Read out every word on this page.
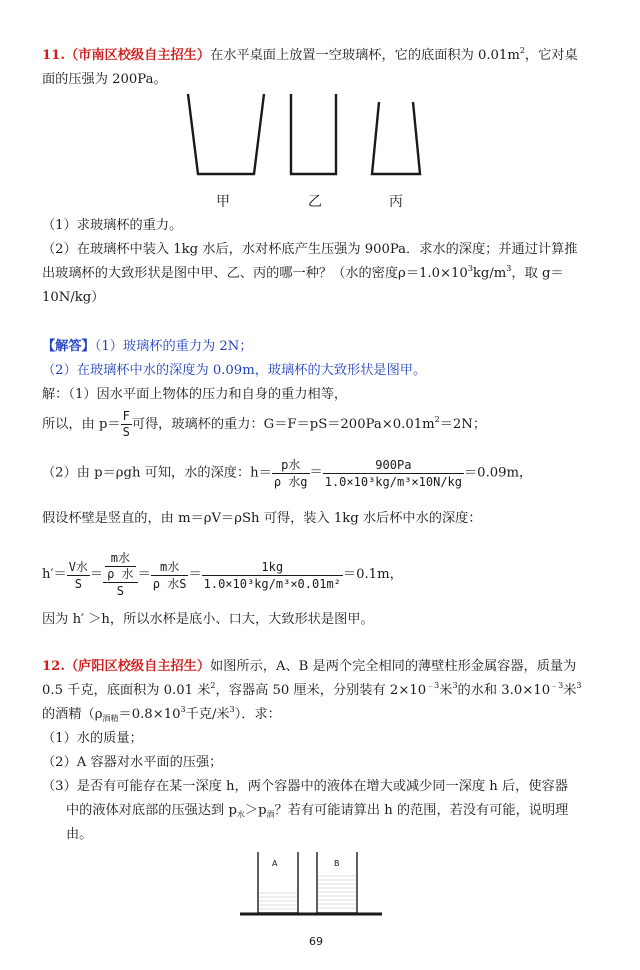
11.（市南区校级自主招生）在水平桌面上放置一空玻璃杯，它的底面积为 $0.01m^2$，它对桌
面的压强为 200Pa。
甲	乙	丙
（1）求玻璃杯的重力。
（2）在玻璃杯中装入 1kg 水后，水对杯底产生压强为 900Pa．求水的深度；并通过计算推
出玻璃杯的大致形状是图中甲、乙、丙的哪一种？（水的密度$\rho=1.0\times 10^3kg/m^3$，取 g＝
10N/kg）
【解答】（1）玻璃杯的重力为 2N；
（2）在玻璃杯中水的深度为 0.09m，玻璃杯的大致形状是图甲。
解：（1）因水平面上物体的压力和自身的重力相等，
所以，由 $p= \frac{F}{S}$ 可得，玻璃杯的重力：$G=F=pS=200Pa\times 0.01m^2=2N$；
（2）由 p＝ρgh 可知，水的深度：$h= \frac{\text{p水}}{\text{ρ 水g}} = \frac{900Pa}{\text{1.0×10³kg/m³×10N/kg}} =0.09m$，
假设杯壁是竖直的，由 m＝ρV＝ρSh 可得，装入 1kg 水后杯中水的深度：
$h'= \frac{\text{V水}}{S} = \frac{\frac{\text{m水}}{\text{ρ 水}}}{S} = \frac{\text{m水}}{\text{ρ 水S}} = \frac{1kg}{\text{1.0×10³kg/m³×0.01m²}} =0.1m$，
因为 h′ ＞h，所以水杯是底小、口大，大致形状是图甲。
12.（庐阳区校级自主招生）如图所示，A、B 是两个完全相同的薄壁柱形金属容器，质量为
0.5 千克，底面积为 0.01 米$^2$，容器高 50 厘米，分别装有 $2\times 10^{﹣3}$米$^3$的水和 $3.0\times 10^{﹣3}$米$^3$
的酒精（$\rho_{酒精}=0.8\times 10^3$千克/米$^3$）．求：
（1）水的质量；
（2）A 容器对水平面的压强；
（3）是否有可能存在某一深度 h，两个容器中的液体在增大或减少同一深度 h 后，使容器
中的液体对底部的压强达到 $p_水>p_酒$？若有可能请算出 h 的范围，若没有可能，说明理
由。
A	B
69
